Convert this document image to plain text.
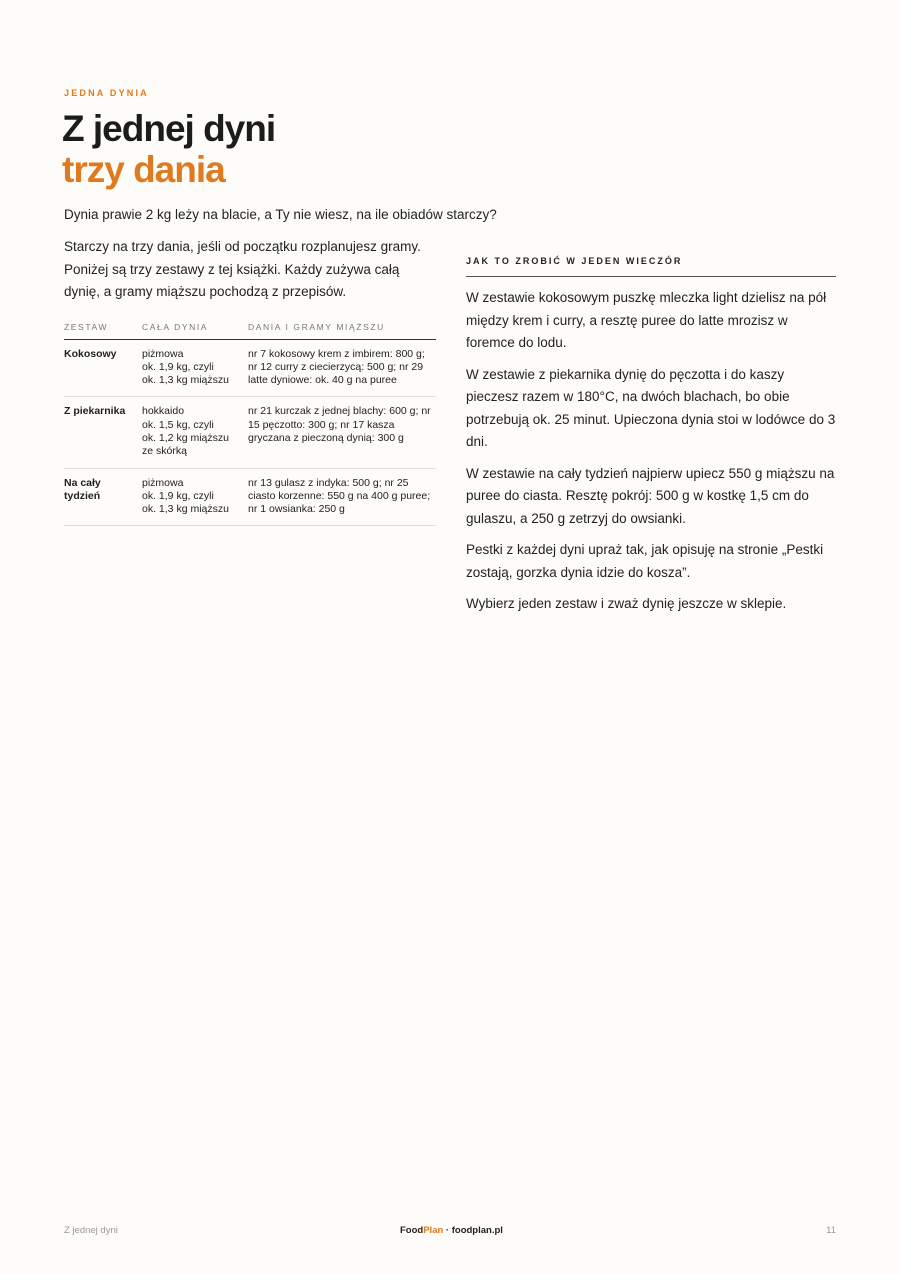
JEDNA DYNIA
Z jednej dyni
trzy dania

Dynia prawie 2 kg leży na blacie, a Ty nie wiesz, na ile obiadów starczy?

Starczy na trzy dania, jeśli od początku rozplanujesz gramy. Poniżej są trzy zestawy z tej książki. Każdy zużywa całą dynię, a gramy miąższu pochodzą z przepisów.

ZESTAW	CAŁA DYNIA	DANIA I GRAMY MIĄŻSZU
Kokosowy	piżmowa
ok. 1,9 kg, czyli
ok. 1,3 kg miąższu	nr 7 kokosowy krem z imbirem: 800 g; nr 12 curry z ciecierzycą: 500 g; nr 29 latte dyniowe: ok. 40 g na puree
Z piekarnika	hokkaido
ok. 1,5 kg, czyli
ok. 1,2 kg miąższu
ze skórką	nr 21 kurczak z jednej blachy: 600 g; nr 15 pęczotto: 300 g; nr 17 kasza gryczana z pieczoną dynią: 300 g
Na cały tydzień	piżmowa
ok. 1,9 kg, czyli
ok. 1,3 kg miąższu	nr 13 gulasz z indyka: 500 g; nr 25 ciasto korzenne: 550 g na 400 g puree; nr 1 owsianka: 250 g
JAK TO ZROBIĆ W JEDEN WIECZÓR

W zestawie kokosowym puszkę mleczka light dzielisz na pół między krem i curry, a resztę puree do latte mrozisz w foremce do lodu.

W zestawie z piekarnika dynię do pęczotta i do kaszy pieczesz razem w 180°C, na dwóch blachach, bo obie potrzebują ok. 25 minut. Upieczona dynia stoi w lodówce do 3 dni.

W zestawie na cały tydzień najpierw upiecz 550 g miąższu na puree do ciasta. Resztę pokrój: 500 g w kostkę 1,5 cm do gulaszu, a 250 g zetrzyj do owsianki.

Pestki z każdej dyni upraż tak, jak opisuję na stronie „Pestki zostają, gorzka dynia idzie do kosza”.

Wybierz jeden zestaw i zważ dynię jeszcze w sklepie.

Z jednej dyni	FoodPlan · foodplan.pl	11
